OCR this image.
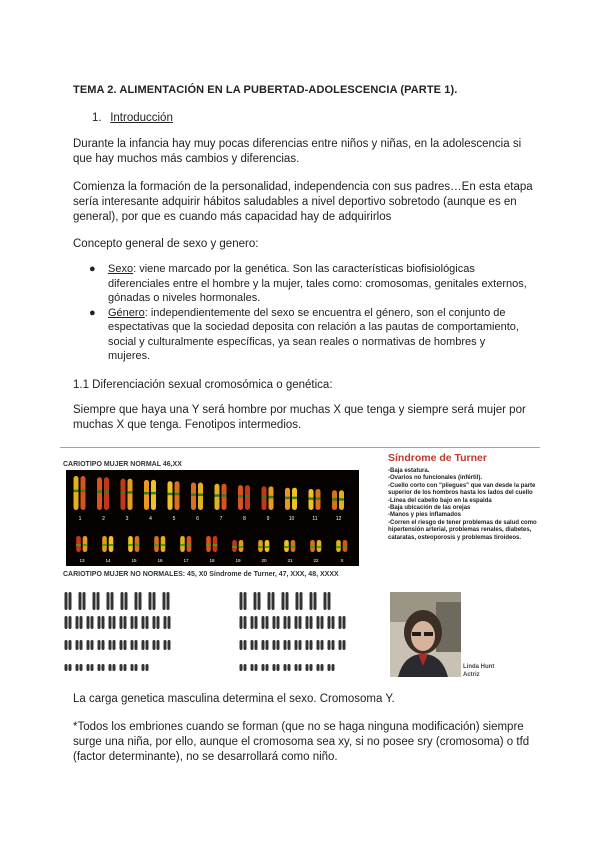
TEMA 2. ALIMENTACIÓN EN LA PUBERTAD-ADOLESCENCIA (PARTE 1).
1. Introducción
Durante la infancia hay muy pocas diferencias entre niños y niñas, en la adolescencia si que hay muchos más cambios y diferencias.
Comienza la formación de la personalidad, independencia con sus padres…En esta etapa sería interesante adquirir hábitos saludables a nivel deportivo sobretodo (aunque es en general), por que es cuando más capacidad hay de adquirirlos
Concepto general de sexo y genero:
● Sexo: viene marcado por la genética. Son las características biofisiológicas diferenciales entre el hombre y la mujer, tales como: cromosomas, genitales externos, gónadas o niveles hormonales.
● Género: independientemente del sexo se encuentra el género, son el conjunto de espectativas que la sociedad deposita con relación a las pautas de comportamiento, social y culturalmente específicas, ya sean reales o normativas de hombres y mujeres.
1.1 Diferenciación sexual cromosómica o genética:
Siempre que haya una Y será hombre por muchas X que tenga y siempre será mujer por muchas X que tenga. Fenotipos intermedios.
CARIOTIPO MUJER NORMAL 46,XX
1	2	3	4	5	6	7	8	9	10	11	12
13	14	15	16	17	18	19	20	21	22	X
CARIOTIPO MUJER NO NORMALES: 45, X0 Síndrome de Turner, 47, XXX, 48, XXXX
Síndrome de Turner
-Baja estatura.
-Ovarios no funcionales (infértil).
-Cuello corto con "pliegues" que van desde la parte superior de los hombros hasta los lados del cuello
-Línea del cabello bajo en la espalda
-Baja ubicación de las orejas
-Manos y pies inflamados
-Corren el riesgo de tener problemas de salud como hipertensión arterial, problemas renales, diabetes, cataratas, osteoporosis y problemas tiroideos.
Linda Hunt
Actriz
La carga genetica masculina determina el sexo. Cromosoma Y.
*Todos los embriones cuando se forman (que no se haga ninguna modificación) siempre surge una niña, por ello, aunque el cromosoma sea xy, si no posee sry (cromosoma) o tfd (factor determinante), no se desarrollará como niño.
